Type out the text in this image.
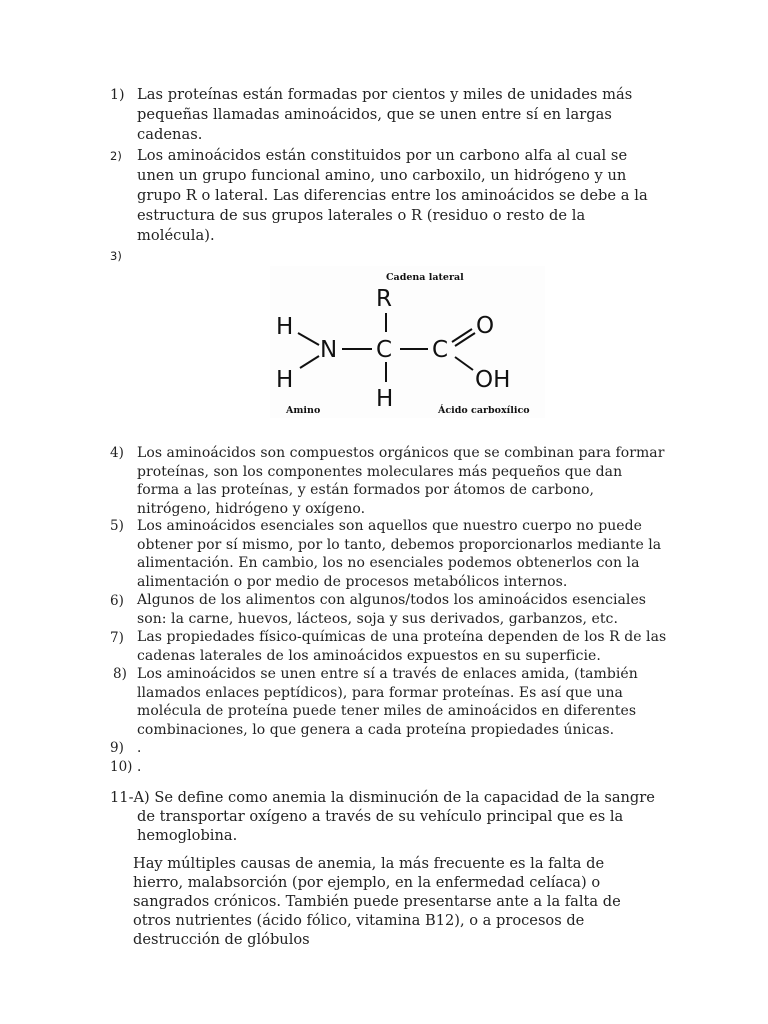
1) Las proteínas están formadas por cientos y miles de unidades más pequeñas llamadas aminoácidos, que se unen entre sí en largas cadenas.
2) Los aminoácidos están constituidos por un carbono alfa al cual se unen un grupo funcional amino, uno carboxilo, un hidrógeno y un grupo R o lateral. Las diferencias entre los aminoácidos se debe a la estructura de sus grupos laterales o R (residuo o resto de la molécula).
3)
Cadena lateral
R
H
N C C
O
OH
H
H
Amino	Ácido carboxílico
4) Los aminoácidos son compuestos orgánicos que se combinan para formar proteínas, son los componentes moleculares más pequeños que dan forma a las proteínas, y están formados por átomos de carbono, nitrógeno, hidrógeno y oxígeno.
5) Los aminoácidos esenciales son aquellos que nuestro cuerpo no puede obtener por sí mismo, por lo tanto, debemos proporcionarlos mediante la alimentación. En cambio, los no esenciales podemos obtenerlos con la alimentación o por medio de procesos metabólicos internos.
6) Algunos de los alimentos con algunos/todos los aminoácidos esenciales son: la carne, huevos, lácteos, soja y sus derivados, garbanzos, etc.
7) Las propiedades físico-químicas de una proteína dependen de los R de las cadenas laterales de los aminoácidos expuestos en su superficie.
8) Los aminoácidos se unen entre sí a través de enlaces amida, (también llamados enlaces peptídicos), para formar proteínas. Es así que una molécula de proteína puede tener miles de aminoácidos en diferentes combinaciones, lo que genera a cada proteína propiedades únicas.
9) .
10) .
11-A) Se define como anemia la disminución de la capacidad de la sangre
de transportar oxígeno a través de su vehículo principal que es la hemoglobina.
Hay múltiples causas de anemia, la más frecuente es la falta de hierro, malabsorción (por ejemplo, en la enfermedad celíaca) o sangrados crónicos. También puede presentarse ante a la falta de otros nutrientes (ácido fólico, vitamina B12), o a procesos de destrucción de glóbulos
